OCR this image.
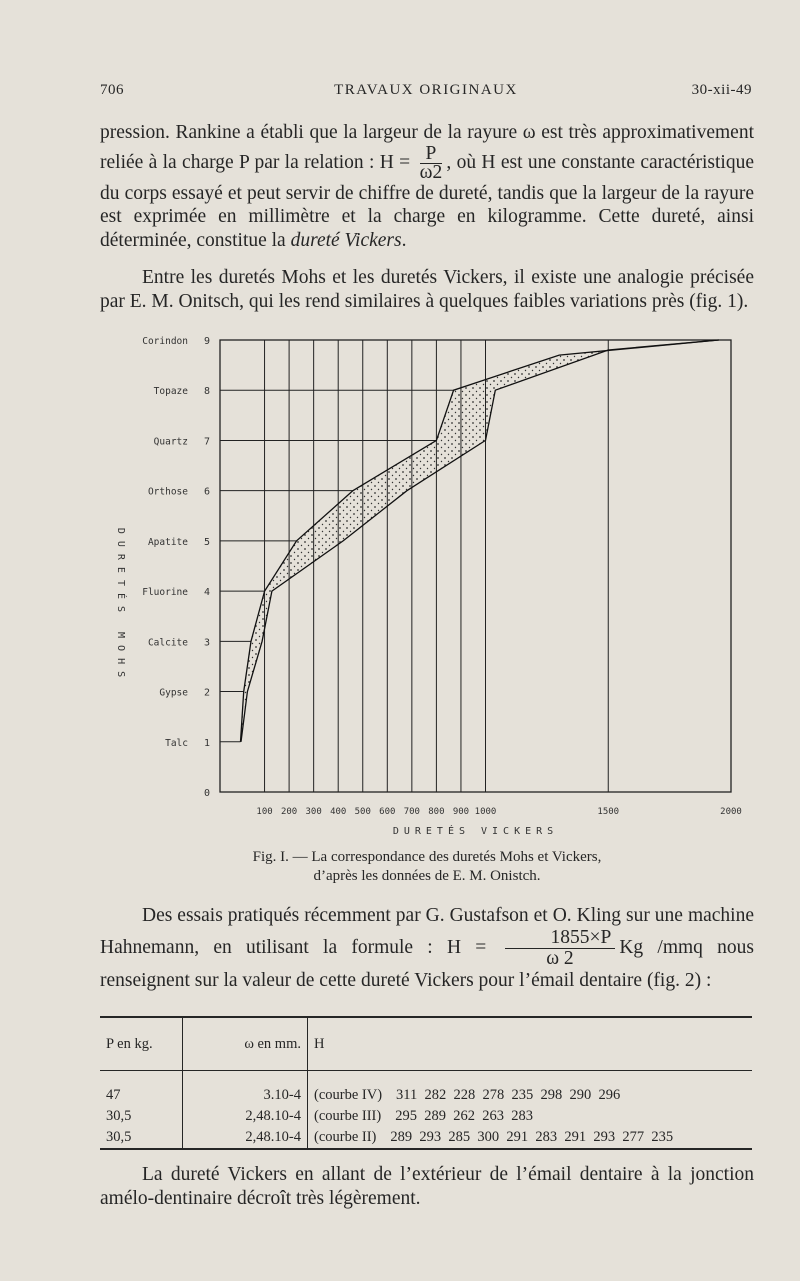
706	TRAVAUX ORIGINAUX	30-xii-49
pression. Rankine a établi que la largeur de la rayure ω est très approximativement reliée à la charge P par la relation : $H = \frac{P}{\omega 2}$ , où H est une constante caractéristique du corps essayé et peut servir de chiffre de dureté, tandis que la largeur de la rayure est exprimée en millimètre et la charge en kilogramme. Cette dureté, ainsi déterminée, constitue la dureté Vickers.
Entre les duretés Mohs et les duretés Vickers, il existe une analogie précisée par E. M. Onitsch, qui les rend similaires à quelques faibles variations près (fig. 1).
0
1
Talc
2
Gypse
3
Calcite
4
Fluorine
5
Apatite
6
Orthose
7
Quartz
8
Topaze
9
Corindon
100 200 300 400 500 600 700 800 900 1000	1500	2000
DURETÉS VICKERS
DURETÉS MOHS
Fig. I. — La correspondance des duretés Mohs et Vickers,
d’après les données de E. M. Onistch.
Des essais pratiqués récemment par G. Gustafson et O. Kling sur une machine Hahnemann, en utilisant la formule : $H = \frac{1855\times P}{\omega 2}$ Kg /mmq nous renseignent sur la valeur de cette dureté Vickers pour l’émail dentaire (fig. 2) :
P en kg.	ω en mm.	H

47	3.10-4	(courbe IV) 311  282  228  278  235  298  290  296
30,5	2,48.10-4	(courbe III) 295  289  262  263  283
30,5	2,48.10-4	(courbe II) 289  293  285  300  291  283  291  293  277  235
La dureté Vickers en allant de l’extérieur de l’émail dentaire à la jonction amélo-dentinaire décroît très légèrement.
